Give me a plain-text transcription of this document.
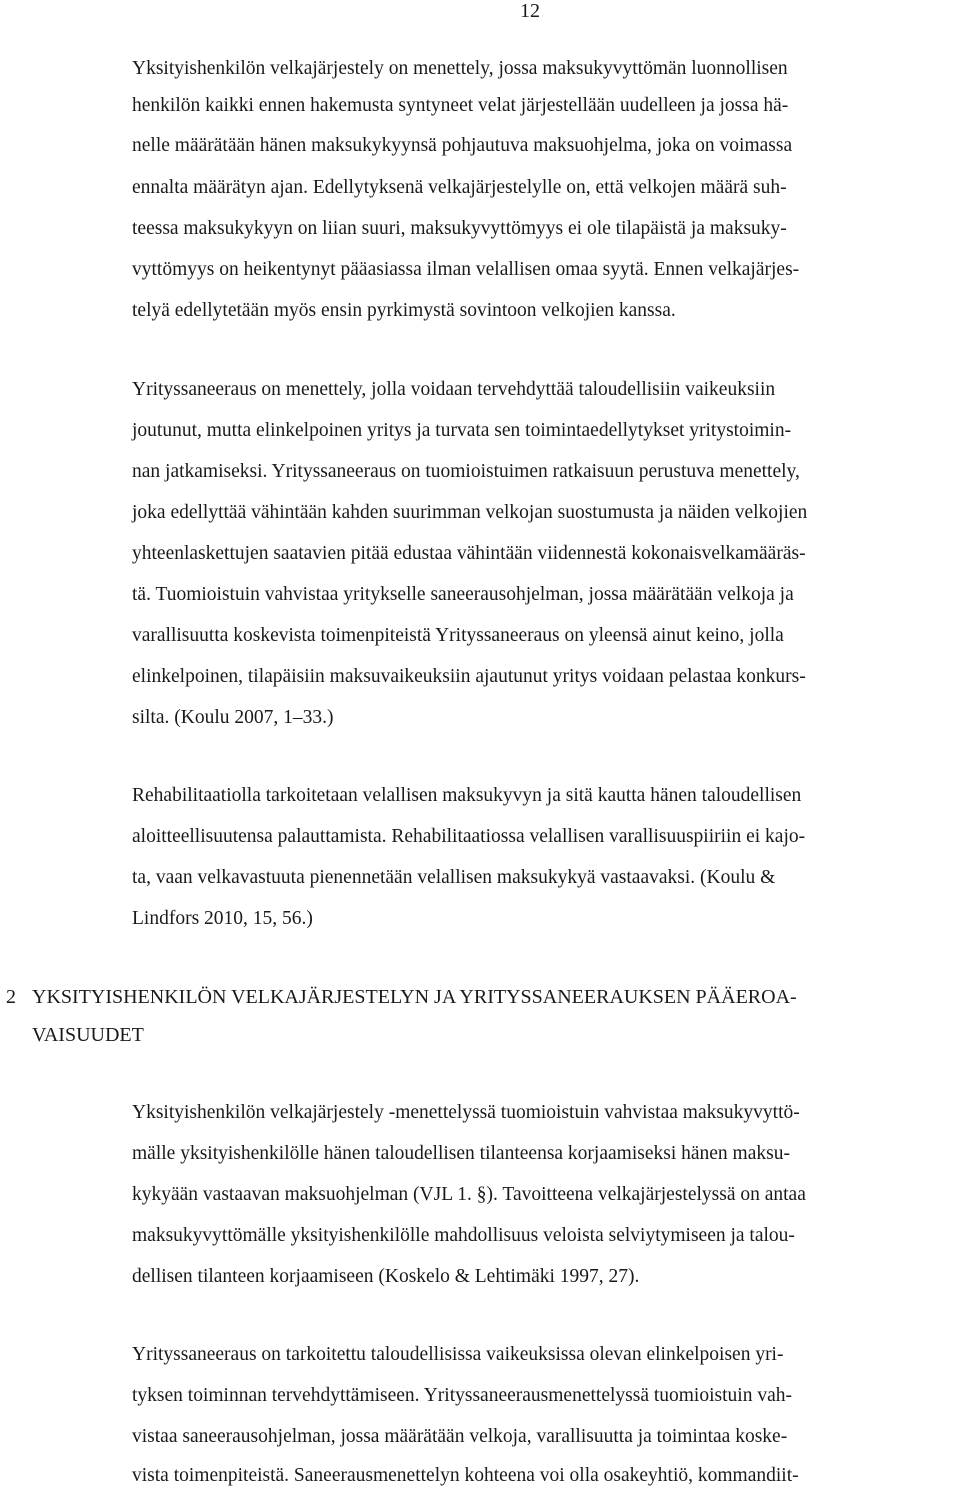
12
Yksityishenkilön velkajärjestely on menettely, jossa maksukyvyttömän luonnollisen
henkilön kaikki ennen hakemusta syntyneet velat järjestellään uudelleen ja jossa hä-
nelle määrätään hänen maksukykyynsä pohjautuva maksuohjelma, joka on voimassa
ennalta määrätyn ajan. Edellytyksenä velkajärjestelylle on, että velkojen määrä suh-
teessa maksukykyyn on liian suuri, maksukyvyttömyys ei ole tilapäistä ja maksuky-
vyttömyys on heikentynyt pääasiassa ilman velallisen omaa syytä. Ennen velkajärjes-
telyä edellytetään myös ensin pyrkimystä sovintoon velkojien kanssa.
Yrityssaneeraus on menettely, jolla voidaan tervehdyttää taloudellisiin vaikeuksiin
joutunut, mutta elinkelpoinen yritys ja turvata sen toimintaedellytykset yritystoimin-
nan jatkamiseksi. Yrityssaneeraus on tuomioistuimen ratkaisuun perustuva menettely,
joka edellyttää vähintään kahden suurimman velkojan suostumusta ja näiden velkojien
yhteenlaskettujen saatavien pitää edustaa vähintään viidennestä kokonaisvelkamääräs-
tä. Tuomioistuin vahvistaa yritykselle saneerausohjelman, jossa määrätään velkoja ja
varallisuutta koskevista toimenpiteistä Yrityssaneeraus on yleensä ainut keino, jolla
elinkelpoinen, tilapäisiin maksuvaikeuksiin ajautunut yritys voidaan pelastaa konkurs-
silta. (Koulu 2007, 1–33.)
Rehabilitaatiolla tarkoitetaan velallisen maksukyvyn ja sitä kautta hänen taloudellisen
aloitteellisuutensa palauttamista. Rehabilitaatiossa velallisen varallisuuspiiriin ei kajo-
ta, vaan velkavastuuta pienennetään velallisen maksukykyä vastaavaksi. (Koulu &
Lindfors 2010, 15, 56.)
2 YKSITYISHENKILÖN VELKAJÄRJESTELYN JA YRITYSSANEERAUKSEN PÄÄEROA-
VAISUUDET
Yksityishenkilön velkajärjestely -menettelyssä tuomioistuin vahvistaa maksukyvyttö-
mälle yksityishenkilölle hänen taloudellisen tilanteensa korjaamiseksi hänen maksu-
kykyään vastaavan maksuohjelman (VJL 1. §). Tavoitteena velkajärjestelyssä on antaa
maksukyvyttömälle yksityishenkilölle mahdollisuus veloista selviytymiseen ja talou-
dellisen tilanteen korjaamiseen (Koskelo & Lehtimäki 1997, 27).
Yrityssaneeraus on tarkoitettu taloudellisissa vaikeuksissa olevan elinkelpoisen yri-
tyksen toiminnan tervehdyttämiseen. Yrityssaneerausmenettelyssä tuomioistuin vah-
vistaa saneerausohjelman, jossa määrätään velkoja, varallisuutta ja toimintaa koske-
vista toimenpiteistä. Saneerausmenettelyn kohteena voi olla osakeyhtiö, kommandiit-
